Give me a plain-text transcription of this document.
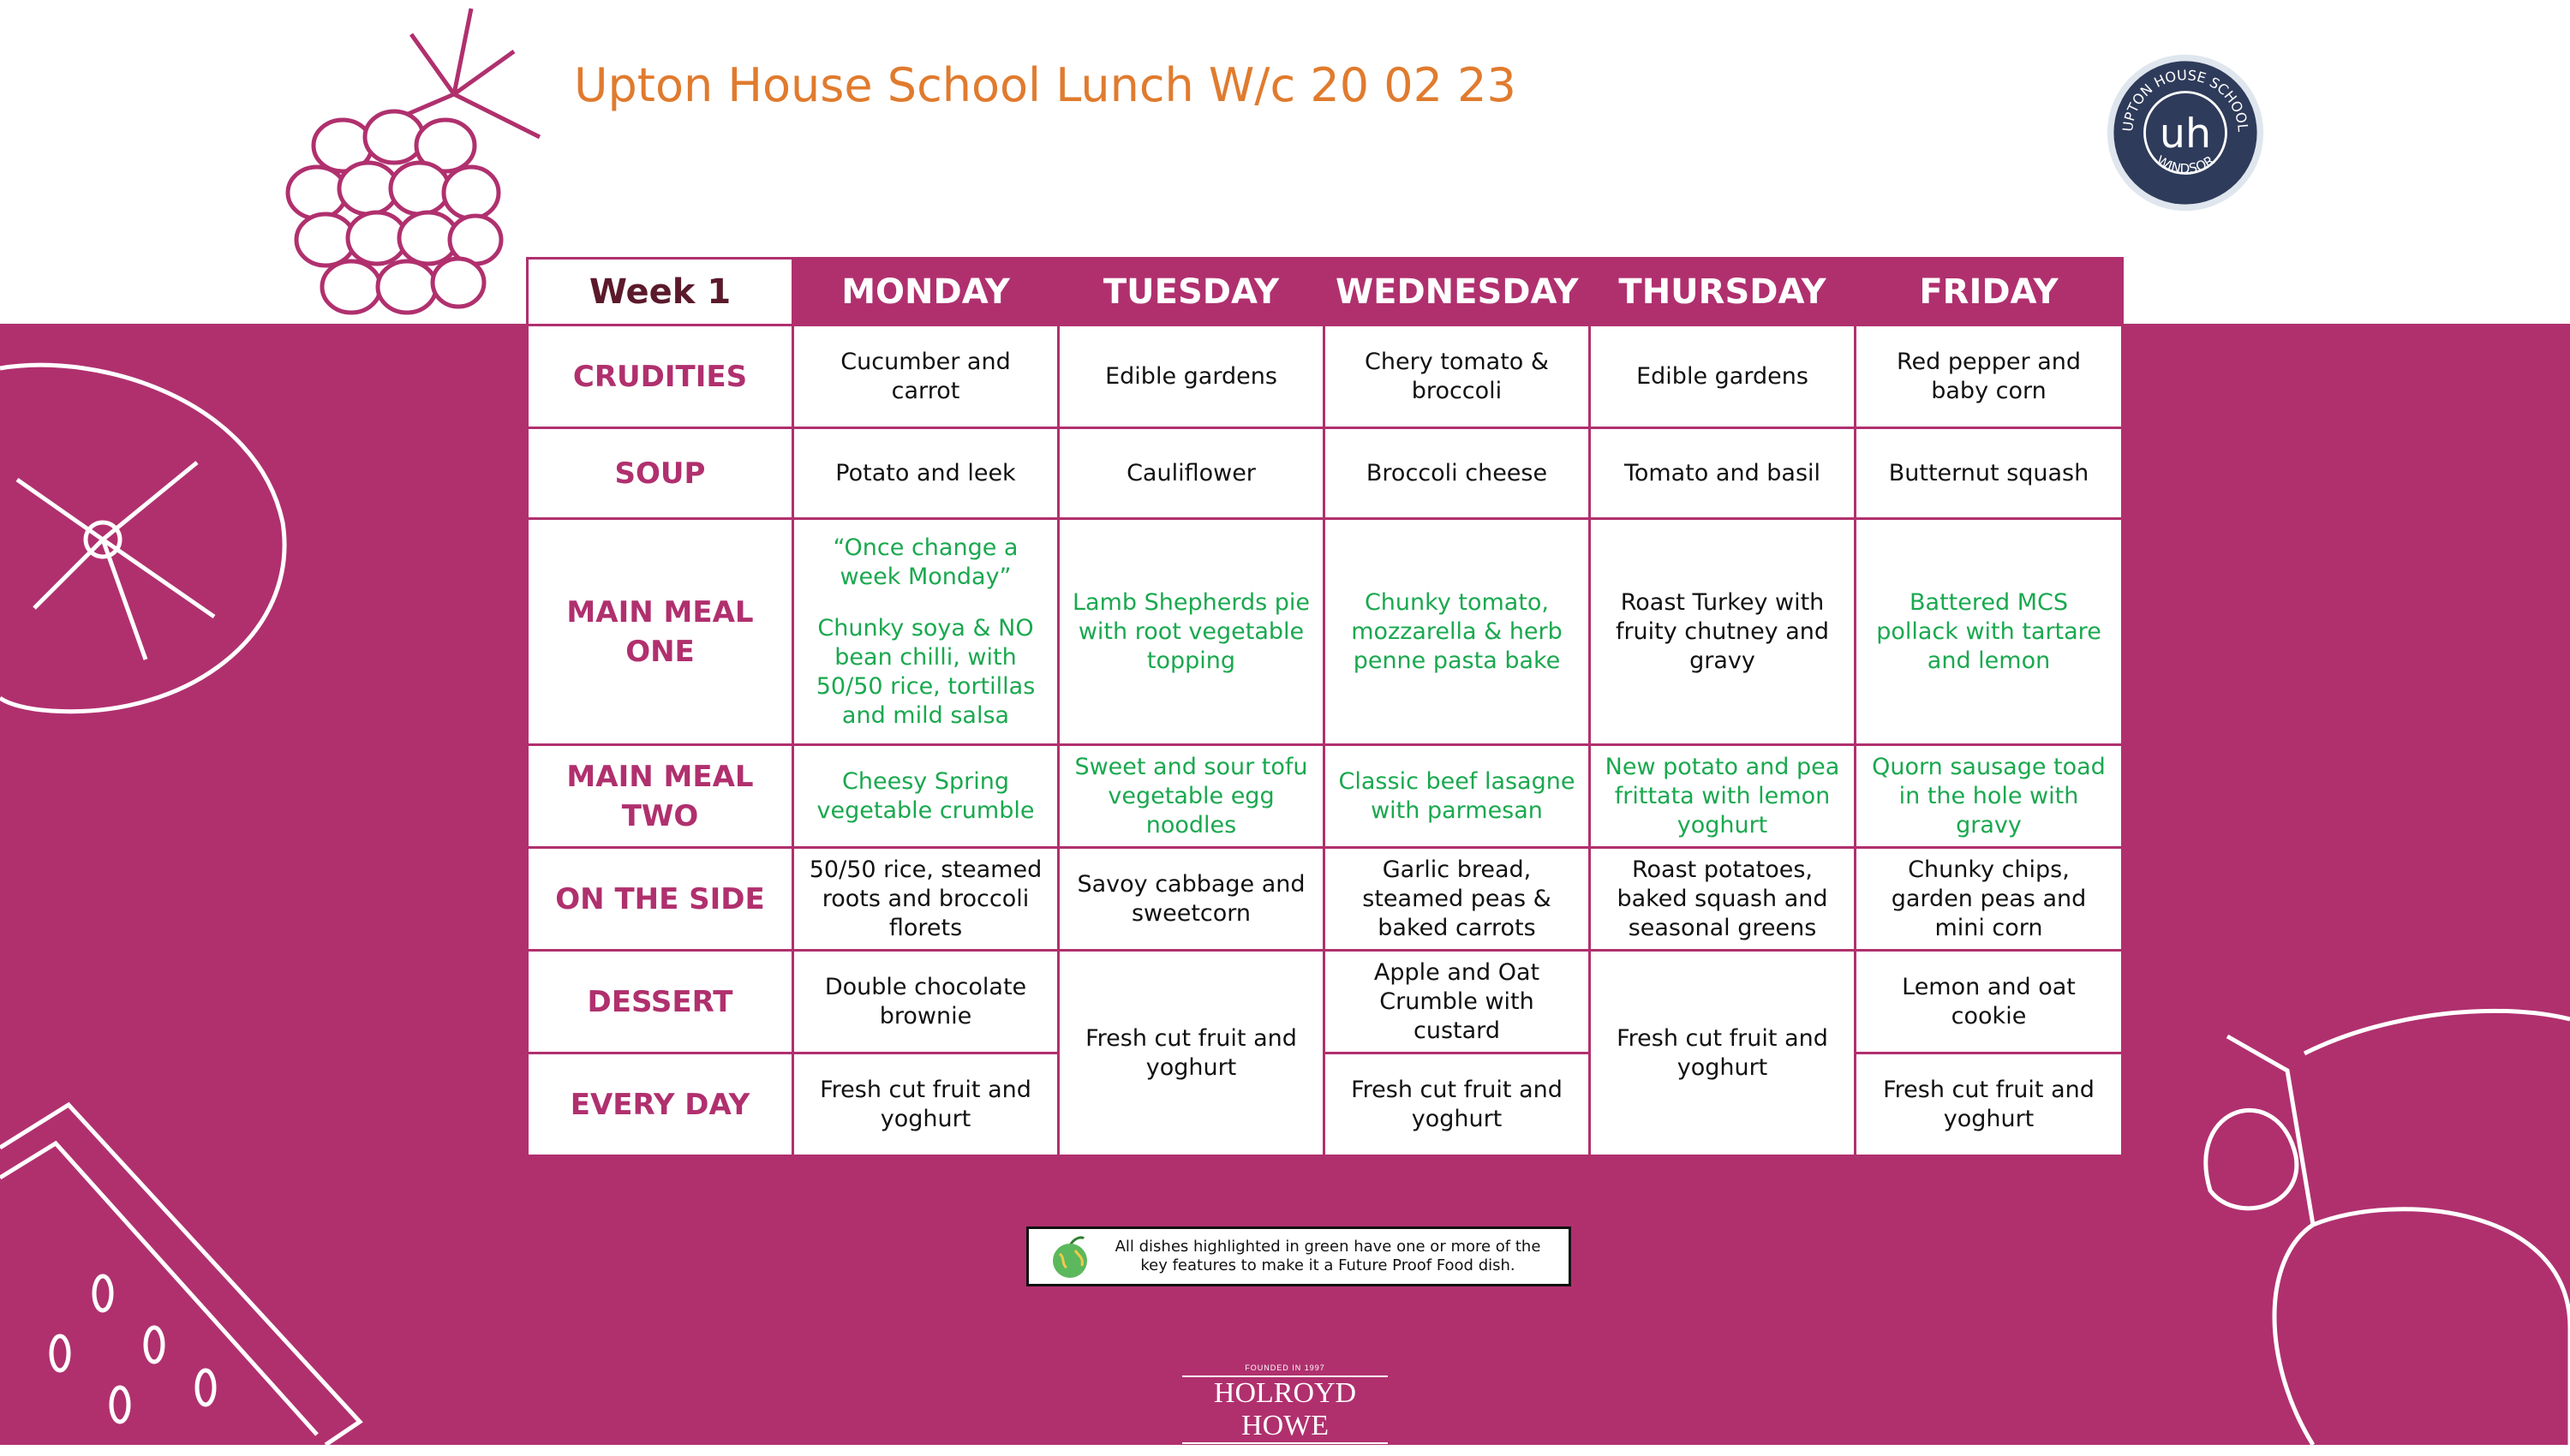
Upton House School Lunch W/c 20 02 23
UPTON HOUSE SCHOOL
WINDSOR
uh
Week 1	MONDAY	TUESDAY	WEDNESDAY	THURSDAY	FRIDAY
CRUDITIES	Cucumber and carrot	Edible gardens	Chery tomato & broccoli	Edible gardens	Red pepper and baby corn
SOUP	Potato and leek	Cauliflower	Broccoli cheese	Tomato and basil	Butternut squash
MAIN MEAL ONE	“Once change a week Monday”
Chunky soya & NO bean chilli, with 50/50 rice, tortillas and mild salsa	Lamb Shepherds pie with root vegetable topping	Chunky tomato, mozzarella & herb penne pasta bake	Roast Turkey with fruity chutney and gravy	Battered MCS pollack with tartare and lemon
MAIN MEAL TWO	Cheesy Spring vegetable crumble	Sweet and sour tofu vegetable egg noodles	Classic beef lasagne with parmesan	New potato and pea frittata with lemon yoghurt	Quorn sausage toad in the hole with gravy
ON THE SIDE	50/50 rice, steamed roots and broccoli florets	Savoy cabbage and sweetcorn	Garlic bread, steamed peas & baked carrots	Roast potatoes, baked squash and seasonal greens	Chunky chips, garden peas and mini corn
DESSERT	Double chocolate brownie	Fresh cut fruit and yoghurt	Apple and Oat Crumble with custard	Fresh cut fruit and yoghurt	Lemon and oat cookie
EVERY DAY	Fresh cut fruit and yoghurt		Fresh cut fruit and yoghurt		Fresh cut fruit and yoghurt
All dishes highlighted in green have one or more of the key features to make it a Future Proof Food dish.
FOUNDED IN 1997
HOLROYD HOWE
FEEDING INDEPENDENT MINDS
